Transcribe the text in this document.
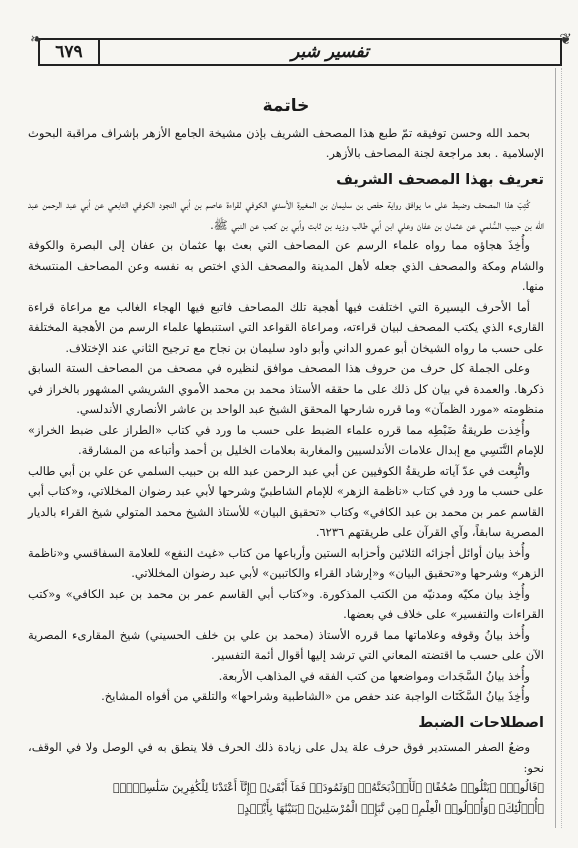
٦٧٩	تفسير شبر
❧	❦
خاتمة

بحمد الله وحسن توفيقه تمّ طبع هذا المصحف الشريف بإذن مشيخة الجامع الأزهر بإشراف مراقبة البحوث الإسلامية . بعد مراجعة لجنة المصاحف بالأزهر.

تعريف بهذا المصحف الشريف

كُتِبَ هذا المصحف وضبط على ما يوافق رواية حفص بن سليمان بن المغيرة الأسدي الكوفي لقراءة عاصم بن أبي النجود الكوفي التابعي عن أبي عبد الرحمن عبد الله بن حبيب السُّلمي عن عثمان بن عفان وعلي ابن أبي طالب وزيد بن ثابت وأبي بن كعب عن النبي ﷺ.

وأُخِذَ هجاؤه مما رواه علماء الرسم عن المصاحف التي بعث بها عثمان بن عفان إلى البصرة والكوفة والشام ومكة والمصحف الذي جعله لأهل المدينة والمصحف الذي اختص به نفسه وعن المصاحف المنتسخة منها.

أما الأحرف اليسيرة التي اختلفت فيها أهجية تلك المصاحف فاتبع فيها الهجاء الغالب مع مراعاة قراءة القارىء الذي يكتب المصحف لبيان قراءته، ومراعاة القواعد التي استنبطها علماء الرسم من الأهجية المختلفة على حسب ما رواه الشيخان أبو عمرو الداني وأبو داود سليمان بن نجاح مع ترجيح الثاني عند الإختلاف.

وعلى الجملة كل حرف من حروف هذا المصحف موافق لنظيره في مصحف من المصاحف الستة السابق ذكرها. والعمدة في بيان كل ذلك على ما حققه الأستاذ محمد بن محمد الأموي الشريشي المشهور بالخراز في منظومته «مورد الظمآن» وما قرره شارحها المحقق الشيخ عبد الواحد بن عاشر الأنصاري الأندلسي.

وأُخِذت طريقةُ ضَبْطِه مما قرره علماء الضبط على حسب ما ورد في كتاب «الطراز على ضبط الخراز» للإمام التَّنَسِي مع إبدال علامات الأندلسيين والمغاربة بعلامات الخليل بن أحمد وأتباعه من المشارقة.

واتُّبِعت في عدّ آياته طريقةُ الكوفيين عن أبي عبد الرحمن عبد الله بن حبيب السلمي عن علي بن أبي طالب على حسب ما ورد في كتاب «ناظمة الزهر» للإمام الشاطبيّ وشرحها لأبي عبد رضوان المخللاتي، و«كتاب أبي القاسم عمر بن محمد بن عبد الكافي» وكتاب «تحقيق البيان» للأستاذ الشيخ محمد المتولي شيخ القراء بالديار المصرية سابقاً، وآي القرآن على طريقتهم ٦٢٣٦.

وأُخذ بيان أوائل أجزائه الثلاثين وأحزابه الستين وأرباعها من كتاب «غيث النفع» للعلامة السفاقسي و«ناظمة الزهر» وشرحها و«تحقيق البيان» و«إرشاد القراء والكاتبين» لأبي عبد رضوان المخللاتي.

وأُخِذ بيان مكيّه ومدنيّه من الكتب المذكورة. و«كتاب أبي القاسم عمر بن محمد بن عبد الكافي» و«كتب القراءات والتفسير» على خلاف في بعضها.

وأُخذ بيانُ وقوفه وعلاماتها مما قرره الأستاذ (محمد بن علي بن خلف الحسيني) شيخ المقارىء المصرية الآن على حسب ما اقتضته المعاني التي ترشد إليها أقوال أئمة التفسير.

وأُخذ بيانُ السَّجَدات ومواضعها من كتب الفقه في المذاهب الأربعة.

وأُخِذَ بيانُ السَّكَتَات الواجبة عند حفص من «الشاطبية وشراحها» والتلقي من أفواه المشايخ.

اصطلاحات الضبط

وضعُ الصفر المستدير فوق حرف علة يدل على زيادة ذلك الحرف فلا ينطق به في الوصل ولا في الوقف، نحو:

﴿قَالُوا۟﴾ ﴿يَتْلُوا۟ صُحُفًا﴾ ﴿لَأَا۟ذْبَحَنَّهُۥ﴾ ﴿وَثَمُودَا۟ فَمَآ أَبْقَىٰ﴾ ﴿إِنَّآ أَعْتَدْنَا لِلْكَٰفِرِينَ سَلَٰسِلَا۟﴾

﴿أُو۟لَٰٓئِكَ﴾ ﴿وَأُو۟لُوا۟ الْعِلْمِ﴾ ﴿مِن نَّبَإِى۟ الْمُرْسَلِينَ﴾ ﴿بَنَيْنَٰهَا بِأَيْي۟دٍ﴾
